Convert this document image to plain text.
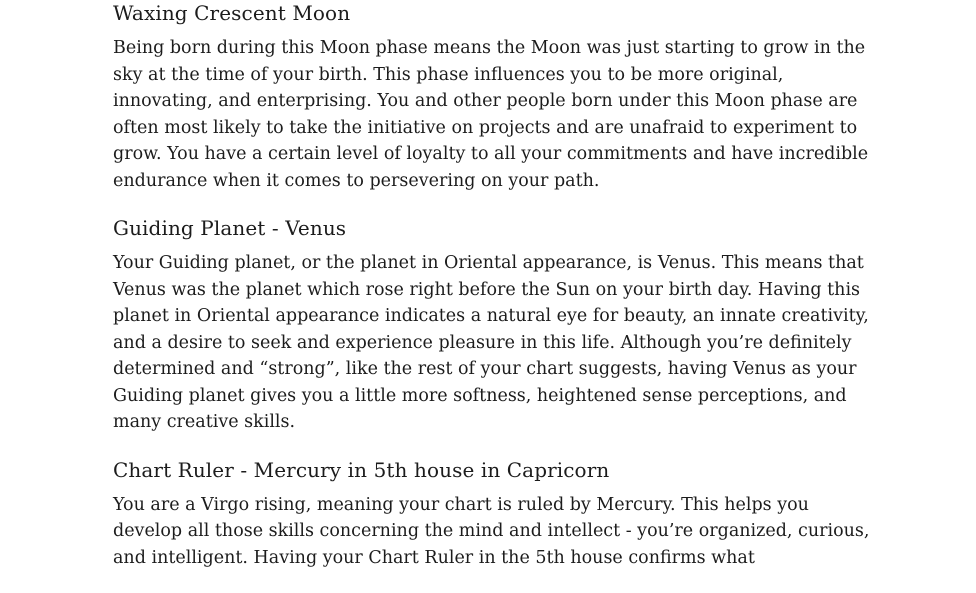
Waxing Crescent Moon

Being born during this Moon phase means the Moon was just starting to grow in the sky at the time of your birth. This phase influences you to be more original, innovating, and enterprising. You and other people born under this Moon phase are often most likely to take the initiative on projects and are unafraid to experiment to grow. You have a certain level of loyalty to all your commitments and have incredible endurance when it comes to persevering on your path.

Guiding Planet - Venus

Your Guiding planet, or the planet in Oriental appearance, is Venus. This means that Venus was the planet which rose right before the Sun on your birth day. Having this planet in Oriental appearance indicates a natural eye for beauty, an innate creativity, and a desire to seek and experience pleasure in this life. Although you’re definitely determined and “strong”, like the rest of your chart suggests, having Venus as your Guiding planet gives you a little more softness, heightened sense perceptions, and many creative skills.

Chart Ruler - Mercury in 5th house in Capricorn

You are a Virgo rising, meaning your chart is ruled by Mercury. This helps you develop all those skills concerning the mind and intellect - you’re organized, curious, and intelligent. Having your Chart Ruler in the 5th house confirms what
